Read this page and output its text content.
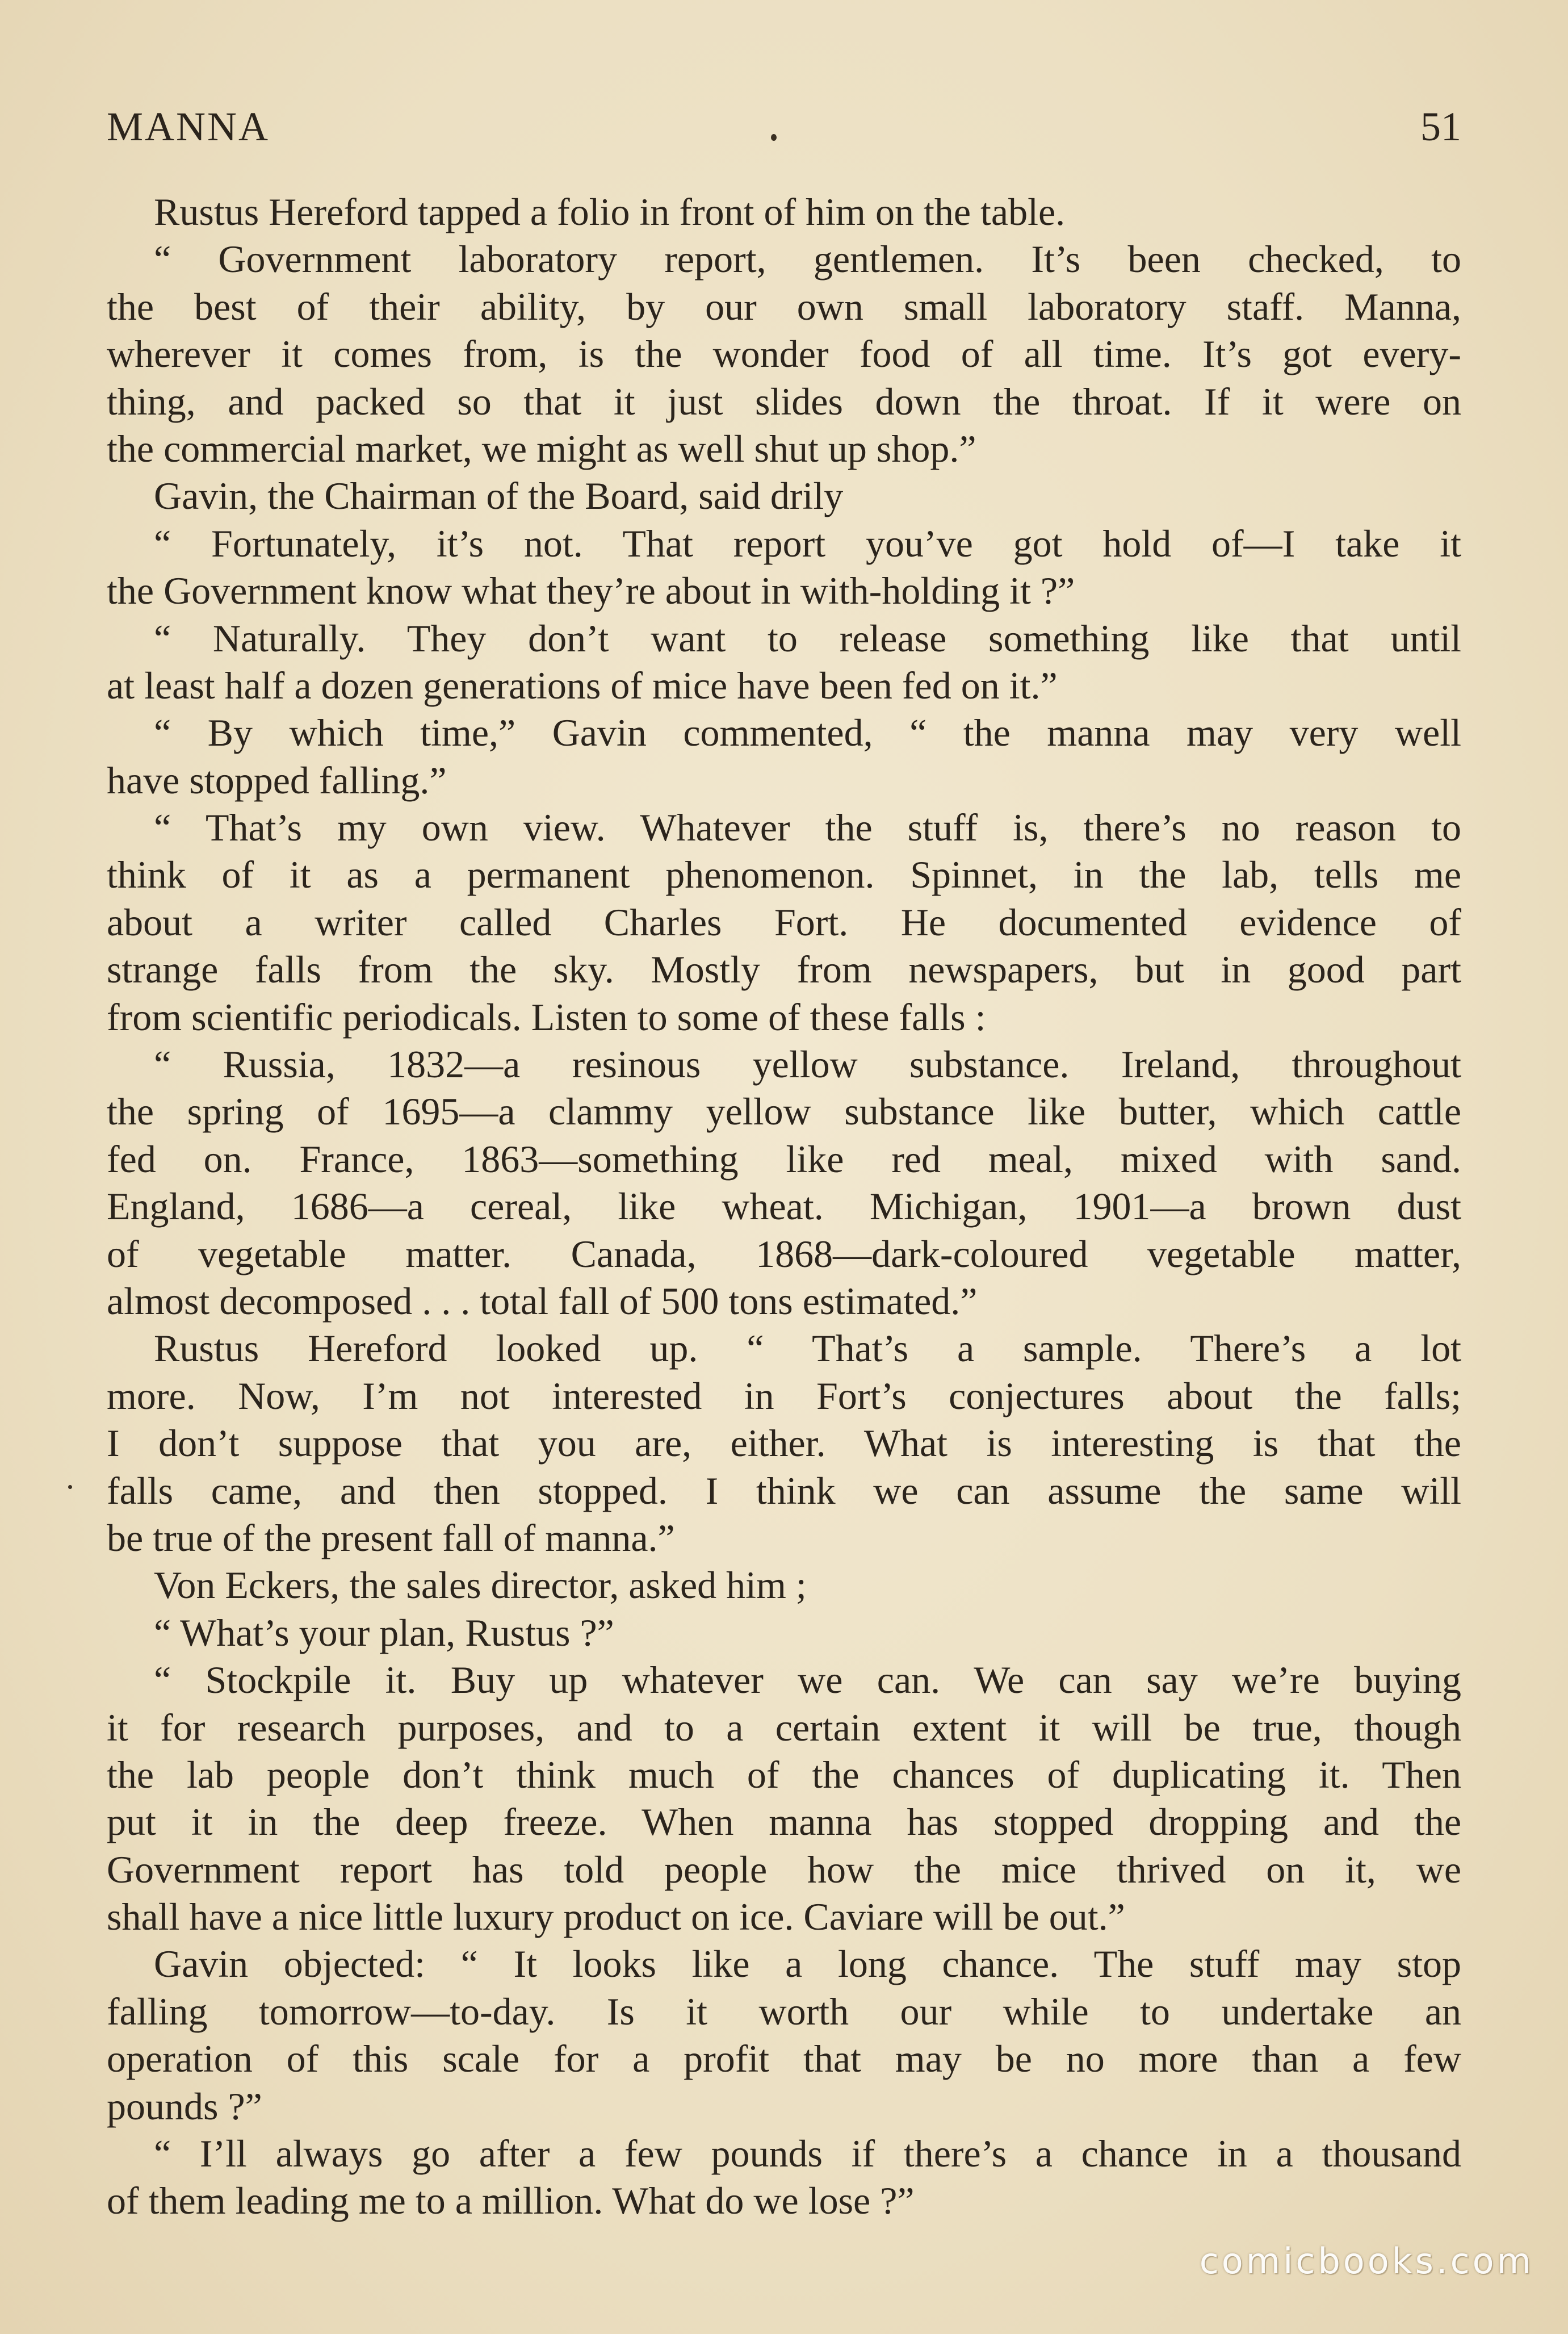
MANNA	51
Rustus Hereford tapped a folio in front of him on the table.
“ Government laboratory report, gentlemen. It’s been checked, to
the best of their ability, by our own small laboratory staff. Manna,
wherever it comes from, is the wonder food of all time. It’s got every-
thing, and packed so that it just slides down the throat. If it were on
the commercial market, we might as well shut up shop.”
Gavin, the Chairman of the Board, said drily
“ Fortunately, it’s not. That report you’ve got hold of—I take it
the Government know what they’re about in with-holding it ?”
“ Naturally. They don’t want to release something like that until
at least half a dozen generations of mice have been fed on it.”
“ By which time,” Gavin commented, “ the manna may very well
have stopped falling.”
“ That’s my own view. Whatever the stuff is, there’s no reason to
think of it as a permanent phenomenon. Spinnet, in the lab, tells me
about a writer called Charles Fort. He documented evidence of
strange falls from the sky. Mostly from newspapers, but in good part
from scientific periodicals. Listen to some of these falls :
“ Russia, 1832—a resinous yellow substance. Ireland, throughout
the spring of 1695—a clammy yellow substance like butter, which cattle
fed on. France, 1863—something like red meal, mixed with sand.
England, 1686—a cereal, like wheat. Michigan, 1901—a brown dust
of vegetable matter. Canada, 1868—dark-coloured vegetable matter,
almost decomposed . . . total fall of 500 tons estimated.”
Rustus Hereford looked up. “ That’s a sample. There’s a lot
more. Now, I’m not interested in Fort’s conjectures about the falls;
I don’t suppose that you are, either. What is interesting is that the
falls came, and then stopped. I think we can assume the same will
be true of the present fall of manna.”
Von Eckers, the sales director, asked him ;
“ What’s your plan, Rustus ?”
“ Stockpile it. Buy up whatever we can. We can say we’re buying
it for research purposes, and to a certain extent it will be true, though
the lab people don’t think much of the chances of duplicating it. Then
put it in the deep freeze. When manna has stopped dropping and the
Government report has told people how the mice thrived on it, we
shall have a nice little luxury product on ice. Caviare will be out.”
Gavin objected: “ It looks like a long chance. The stuff may stop
falling tomorrow—to-day. Is it worth our while to undertake an
operation of this scale for a profit that may be no more than a few
pounds ?”
“ I’ll always go after a few pounds if there’s a chance in a thousand
of them leading me to a million. What do we lose ?”
comicbooks.com
